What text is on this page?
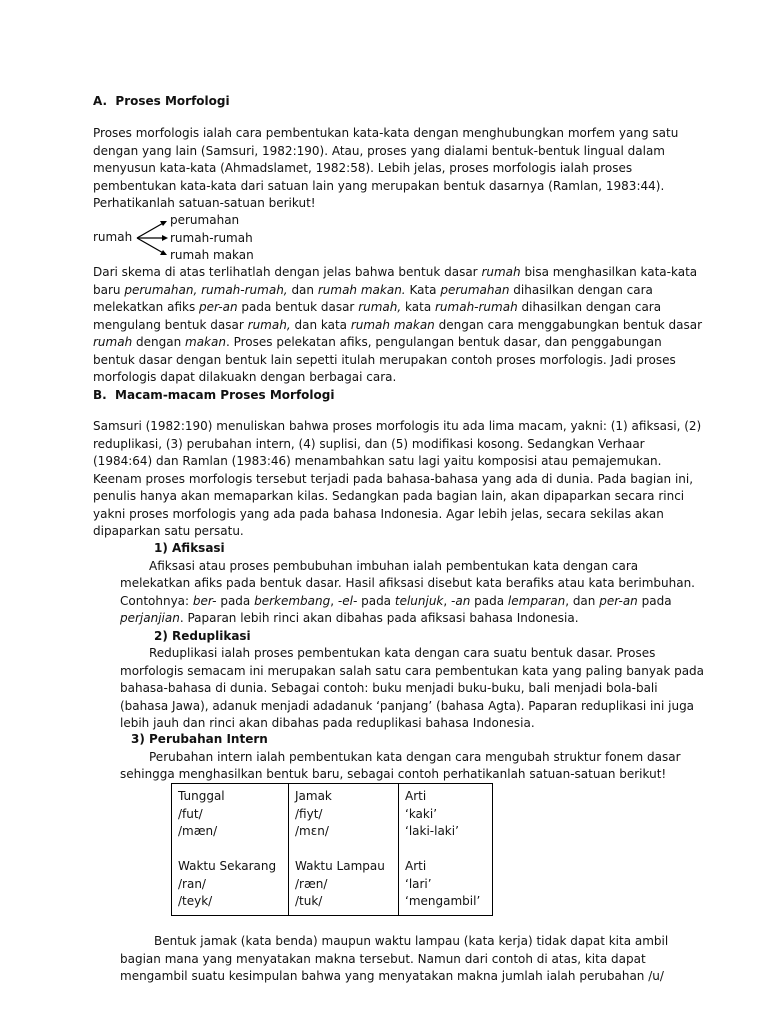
A.  Proses Morfologi
Proses morfologis ialah cara pembentukan kata-kata dengan menghubungkan morfem yang satu
dengan yang lain (Samsuri, 1982:190). Atau, proses yang dialami bentuk-bentuk lingual dalam
menyusun kata-kata (Ahmadslamet, 1982:58). Lebih jelas, proses morfologis ialah proses
pembentukan kata-kata dari satuan lain yang merupakan bentuk dasarnya (Ramlan, 1983:44).
Perhatikanlah satuan-satuan berikut!
rumah
perumahan
rumah-rumah
rumah makan
Dari skema di atas terlihatlah dengan jelas bahwa bentuk dasar rumah bisa menghasilkan kata-kata
baru perumahan, rumah-rumah, dan rumah makan. Kata perumahan dihasilkan dengan cara
melekatkan afiks per-an pada bentuk dasar rumah, kata rumah-rumah dihasilkan dengan cara
mengulang bentuk dasar rumah, dan kata rumah makan dengan cara menggabungkan bentuk dasar
rumah dengan makan. Proses pelekatan afiks, pengulangan bentuk dasar, dan penggabungan
bentuk dasar dengan bentuk lain sepetti itulah merupakan contoh proses morfologis. Jadi proses
morfologis dapat dilakuakn dengan berbagai cara.
B.  Macam-macam Proses Morfologi
Samsuri (1982:190) menuliskan bahwa proses morfologis itu ada lima macam, yakni: (1) afiksasi, (2)
reduplikasi, (3) perubahan intern, (4) suplisi, dan (5) modifikasi kosong. Sedangkan Verhaar
(1984:64) dan Ramlan (1983:46) menambahkan satu lagi yaitu komposisi atau pemajemukan.
Keenam proses morfologis tersebut terjadi pada bahasa-bahasa yang ada di dunia. Pada bagian ini,
penulis hanya akan memaparkan kilas. Sedangkan pada bagian lain, akan dipaparkan secara rinci
yakni proses morfologis yang ada pada bahasa Indonesia. Agar lebih jelas, secara sekilas akan
dipaparkan satu persatu.
1) Afiksasi
Afiksasi atau proses pembubuhan imbuhan ialah pembentukan kata dengan cara
melekatkan afiks pada bentuk dasar. Hasil afiksasi disebut kata berafiks atau kata berimbuhan.
Contohnya: ber- pada berkembang, -el- pada telunjuk, -an pada lemparan, dan per-an pada
perjanjian. Paparan lebih rinci akan dibahas pada afiksasi bahasa Indonesia.
2) Reduplikasi
Reduplikasi ialah proses pembentukan kata dengan cara suatu bentuk dasar. Proses
morfologis semacam ini merupakan salah satu cara pembentukan kata yang paling banyak pada
bahasa-bahasa di dunia. Sebagai contoh: buku menjadi buku-buku, bali menjadi bola-bali
(bahasa Jawa), adanuk menjadi adadanuk ‘panjang’ (bahasa Agta). Paparan reduplikasi ini juga
lebih jauh dan rinci akan dibahas pada reduplikasi bahasa Indonesia.
3) Perubahan Intern
Perubahan intern ialah pembentukan kata dengan cara mengubah struktur fonem dasar
sehingga menghasilkan bentuk baru, sebagai contoh perhatikanlah satuan-satuan berikut!
Tunggal	Jamak	Arti
/fut/	/fiyt/	‘kaki’
/mæn/	/mɛn/	‘laki-laki’

Waktu Sekarang	Waktu Lampau	Arti
/ran/	/ræn/	‘lari’
/teyk/	/tuk/	‘mengambil’
Bentuk jamak (kata benda) maupun waktu lampau (kata kerja) tidak dapat kita ambil
bagian mana yang menyatakan makna tersebut. Namun dari contoh di atas, kita dapat
mengambil suatu kesimpulan bahwa yang menyatakan makna jumlah ialah perubahan /u/
